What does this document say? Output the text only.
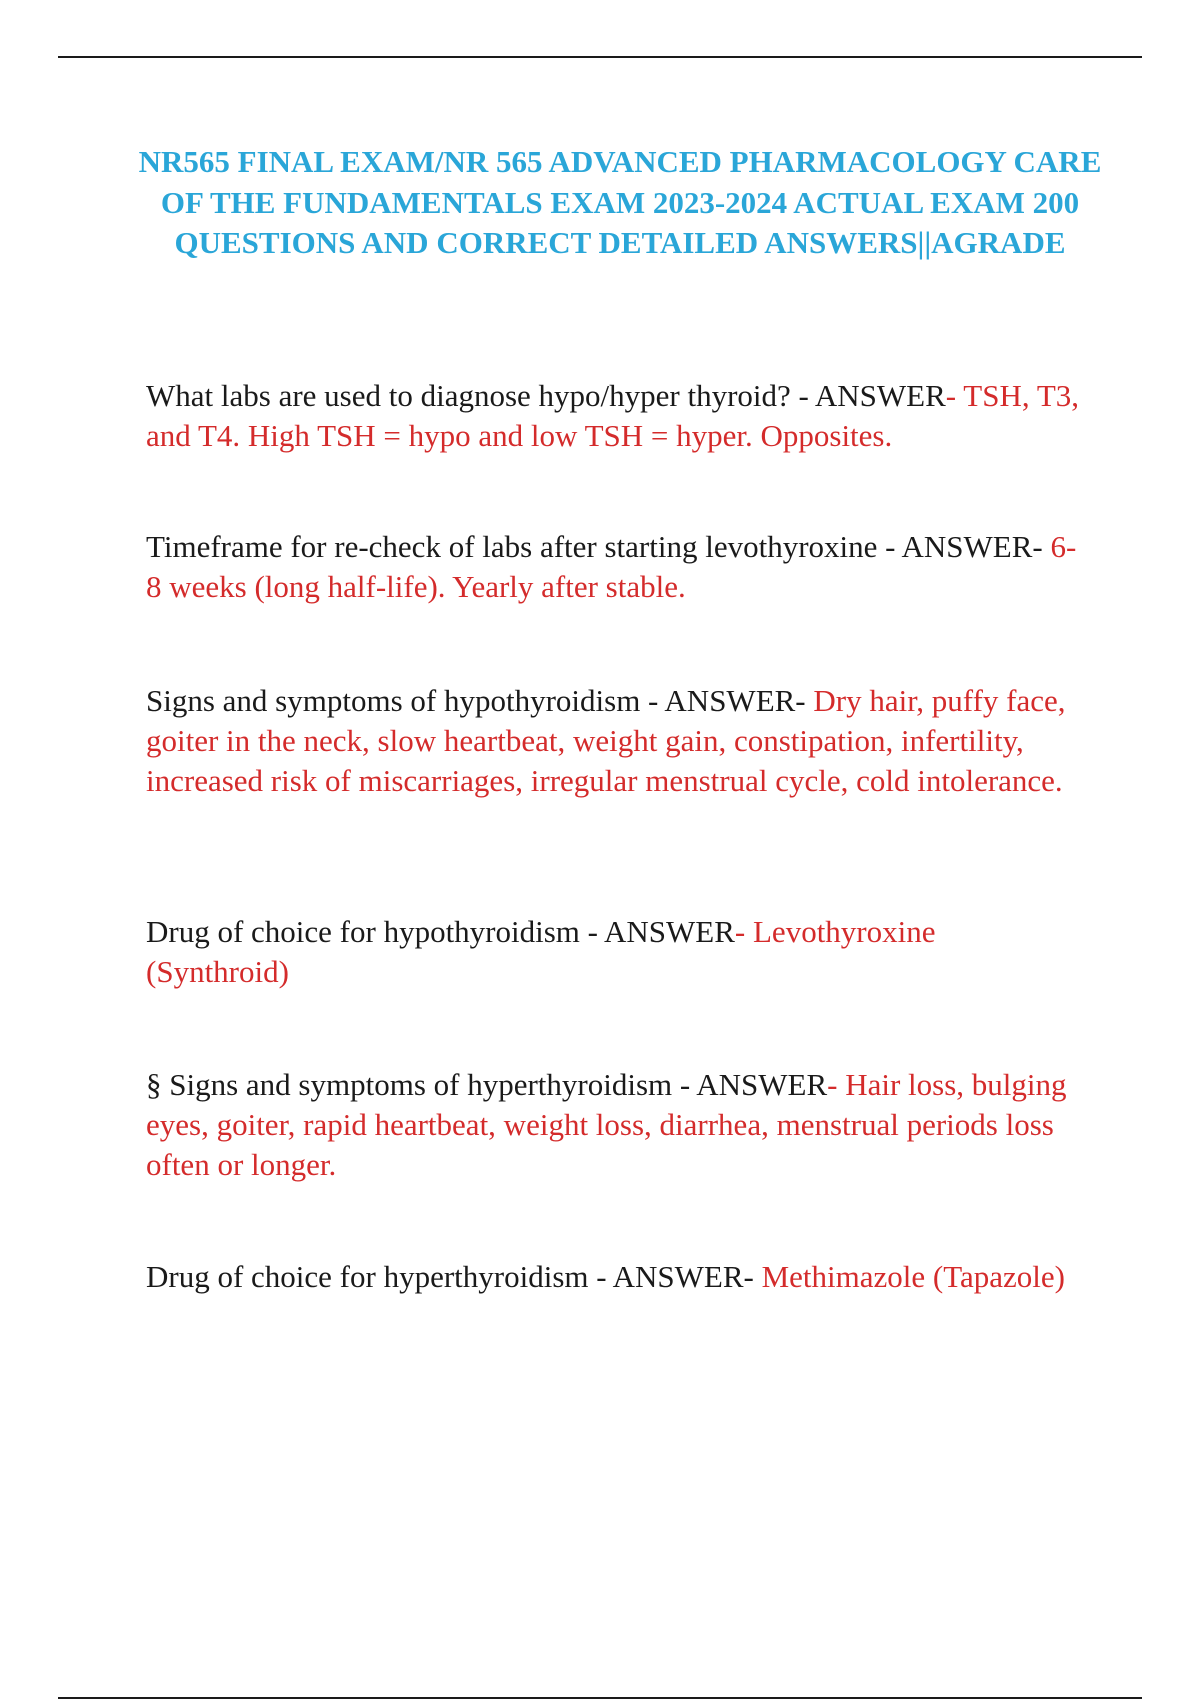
NR565 FINAL EXAM/NR 565 ADVANCED PHARMACOLOGY CARE OF THE FUNDAMENTALS EXAM 2023-2024 ACTUAL EXAM 200 QUESTIONS AND CORRECT DETAILED ANSWERS||AGRADE

What labs are used to diagnose hypo/hyper thyroid? - ANSWER- TSH, T3, and T4. High TSH = hypo and low TSH = hyper. Opposites.

Timeframe for re-check of labs after starting levothyroxine - ANSWER- 6-8 weeks (long half-life). Yearly after stable.

Signs and symptoms of hypothyroidism - ANSWER- Dry hair, puffy face, goiter in the neck, slow heartbeat, weight gain, constipation, infertility, increased risk of miscarriages, irregular menstrual cycle, cold intolerance.

Drug of choice for hypothyroidism - ANSWER- Levothyroxine (Synthroid)

§ Signs and symptoms of hyperthyroidism - ANSWER- Hair loss, bulging eyes, goiter, rapid heartbeat, weight loss, diarrhea, menstrual periods loss often or longer.

Drug of choice for hyperthyroidism - ANSWER- Methimazole (Tapazole)
